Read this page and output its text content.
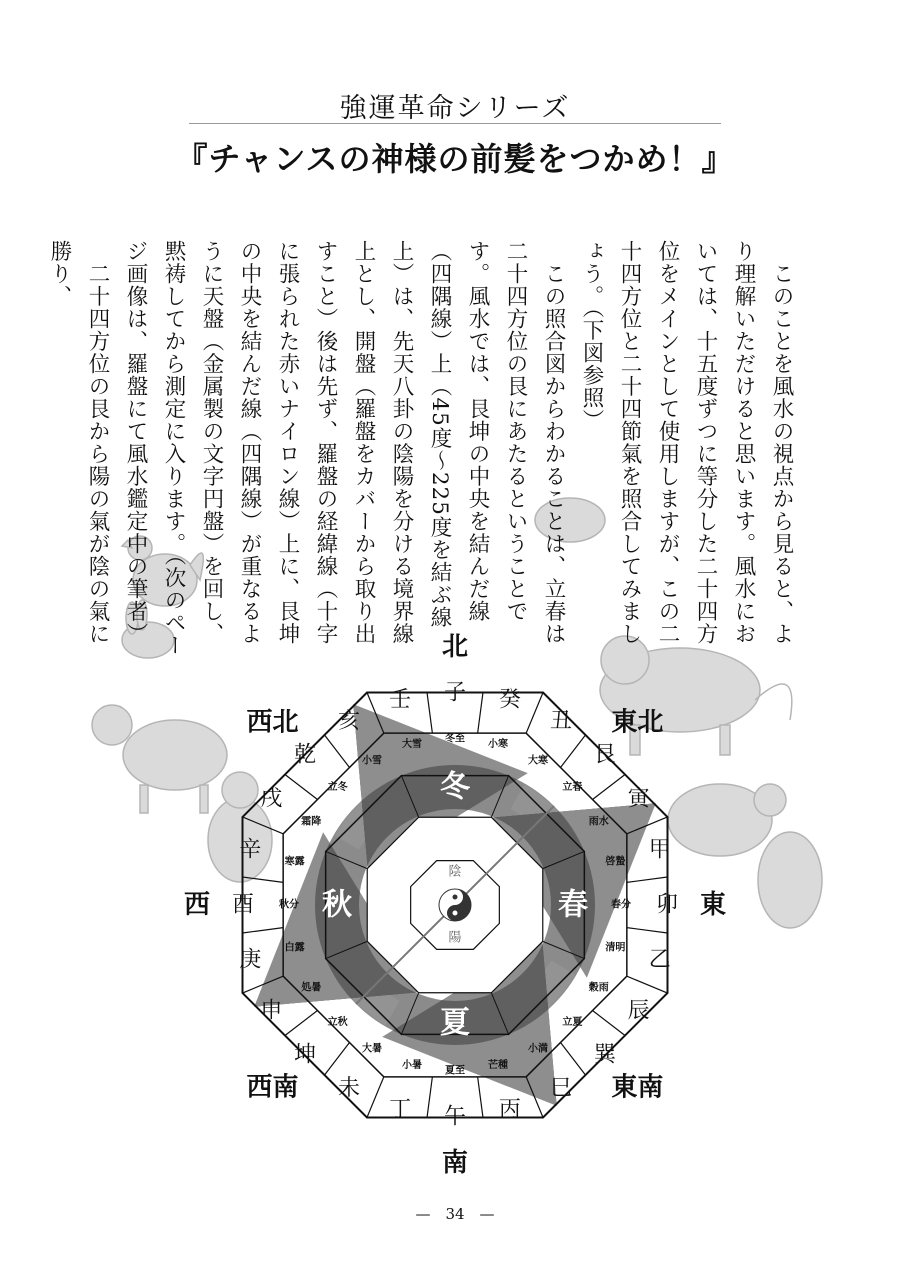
強運革命シリーズ
『チャンスの神様の前髪をつかめ！』
子 癸
丑
艮
寅
甲
卯
乙
辰
巽
巳
丙
午
丁
未
坤
申
庚
酉
辛
戌
乾
亥
壬
冬至
小寒
大寒
立春
雨水
啓蟄
春分
清明
穀雨
立夏
小満
芒種
夏至
小暑
大暑
立秋
処暑
白露
秋分
寒露
霜降
立冬
小雪
大雪
北
東北
東
東南
南
西南
西
西北
冬
春
夏
秋
陰
陽
　このことを風水の視点から見ると、より理解いただけると思います。風水においては、十五度ずつに等分した二十四方位をメインとして使用しますが、この二十四方位と二十四節氣を照合してみましょう。（下図参照）
　この照合図からわかることは、立春は二十四方位の艮にあたるということです。風水では、艮坤の中央を結んだ線（四隅線）上（45度〜225度を結ぶ線上）は、先天八卦の陰陽を分ける境界線上とし、開盤（羅盤をカバーから取り出すこと）後は先ず、羅盤の経緯線（十字に張られた赤いナイロン線）上に、艮坤の中央を結んだ線（四隅線）が重なるように天盤（金属製の文字円盤）を回し、黙祷してから測定に入ります。（次のページ画像は、羅盤にて風水鑑定中の筆者）
　二十四方位の艮から陽の氣が陰の氣に勝り、
— 34 —
